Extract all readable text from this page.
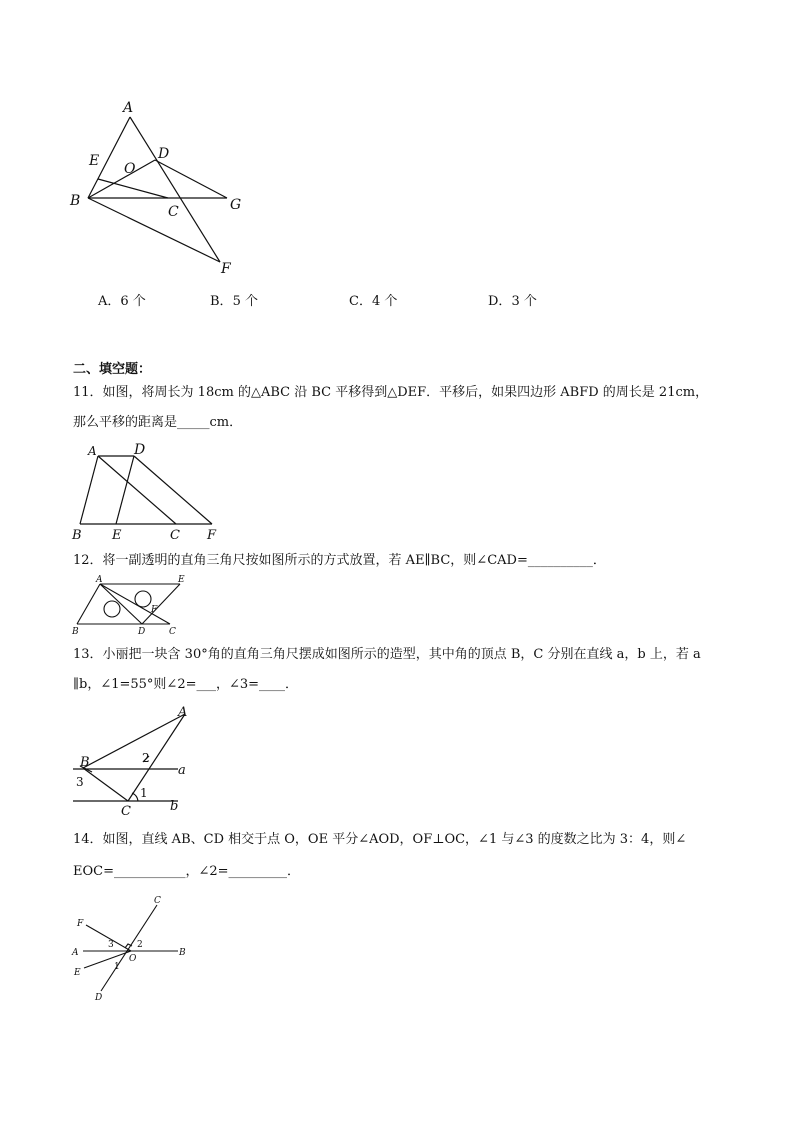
A
E O
D
B
C	G
F
A．6 个	B．5 个	C．4 个	D．3 个
二、填空题：
11．如图，将周长为 18cm 的△ABC 沿 BC 平移得到△DEF．平移后，如果四边形 ABFD 的周长是 21cm，
那么平移的距离是_____cm．
A	D
B E	C F
12．将一副透明的直角三角尺按如图所示的方式放置，若 AE∥BC，则∠CAD=__________．
A	E
F
B	D	C
13．小丽把一块含 30°角的直角三角尺摆成如图所示的造型，其中角的顶点 B，C 分别在直线 a，b 上，若 a
∥b，∠1=55°则∠2=___，∠3=____．
A
B
a
b
C
1
2
3
14．如图，直线 AB、CD 相交于点 O，OE 平分∠AOD，OF⊥OC，∠1 与∠3 的度数之比为 3：4，则∠
EOC=___________，∠2=_________．
C
F
A
3	2
O
B
E
1
D
